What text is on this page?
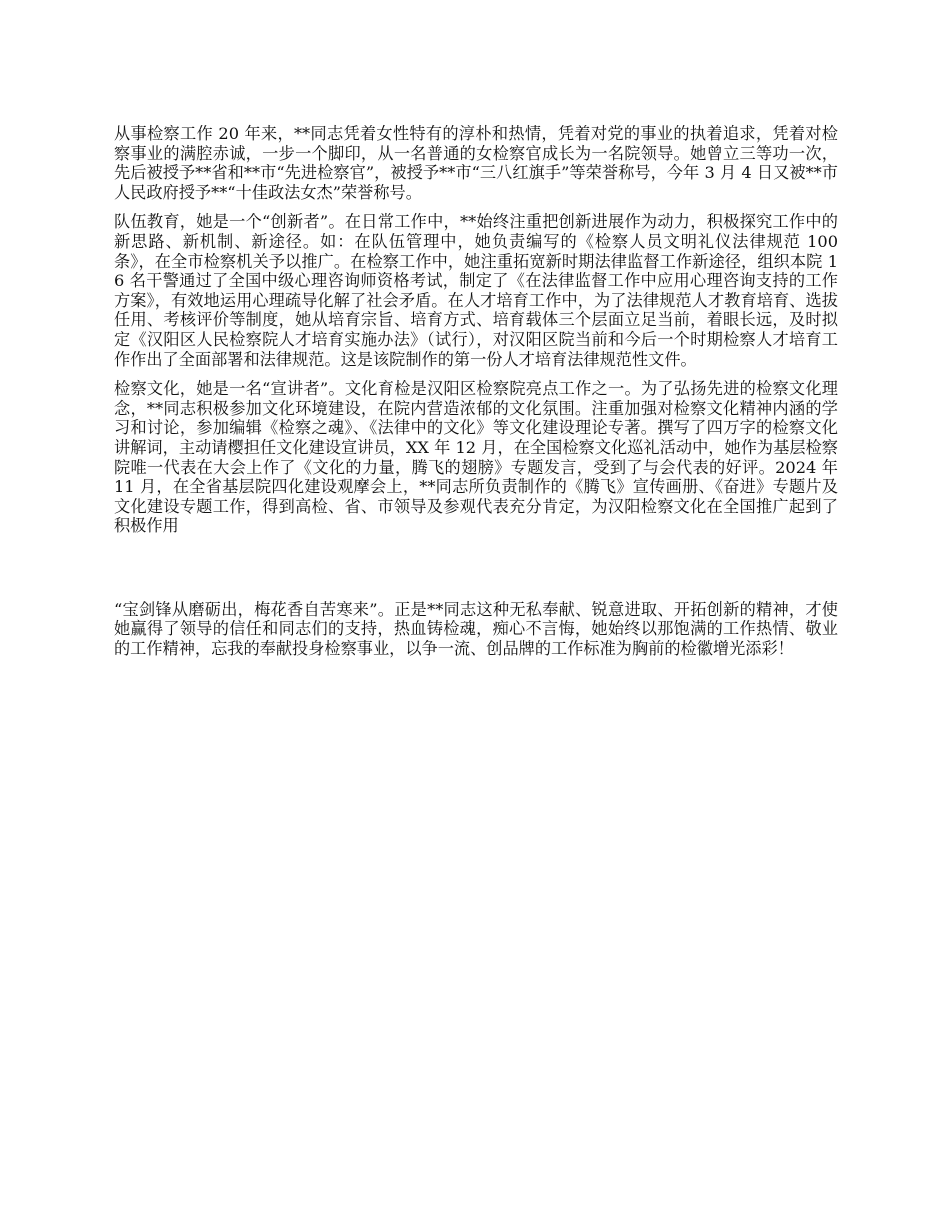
从事检察工作 20 年来，**同志凭着女性特有的淳朴和热情，凭着对党的事业的执着追求，凭着对检察事业的满腔赤诚，一步一个脚印，从一名普通的女检察官成长为一名院领导。她曾立三等功一次，先后被授予**省和**市“先进检察官”，被授予**市“三八红旗手”等荣誉称号，今年 3 月 4 日又被**市人民政府授予**“十佳政法女杰”荣誉称号。

队伍教育，她是一个“创新者”。在日常工作中，**始终注重把创新进展作为动力，积极探究工作中的新思路、新机制、新途径。如：在队伍管理中，她负责编写的《检察人员文明礼仪法律规范 100 条》，在全市检察机关予以推广。在检察工作中，她注重拓宽新时期法律监督工作新途径，组织本院 16 名干警通过了全国中级心理咨询师资格考试，制定了《在法律监督工作中应用心理咨询支持的工作方案》，有效地运用心理疏导化解了社会矛盾。在人才培育工作中，为了法律规范人才教育培育、选拔任用、考核评价等制度，她从培育宗旨、培育方式、培育载体三个层面立足当前，着眼长远，及时拟定《汉阳区人民检察院人才培育实施办法》（试行），对汉阳区院当前和今后一个时期检察人才培育工作作出了全面部署和法律规范。这是该院制作的第一份人才培育法律规范性文件。

检察文化，她是一名“宣讲者”。文化育检是汉阳区检察院亮点工作之一。为了弘扬先进的检察文化理念，**同志积极参加文化环境建设，在院内营造浓郁的文化氛围。注重加强对检察文化精神内涵的学习和讨论，参加编辑《检察之魂》、《法律中的文化》等文化建设理论专著。撰写了四万字的检察文化讲解词，主动请樱担任文化建设宣讲员，XX 年 12 月，在全国检察文化巡礼活动中，她作为基层检察院唯一代表在大会上作了《文化的力量，腾飞的翅膀》专题发言，受到了与会代表的好评。2024 年 11 月，在全省基层院四化建设观摩会上，**同志所负责制作的《腾飞》宣传画册、《奋进》专题片及文化建设专题工作，得到高检、省、市领导及参观代表充分肯定，为汉阳检察文化在全国推广起到了积极作用

“宝剑锋从磨砺出，梅花香自苦寒来”。正是**同志这种无私奉献、锐意进取、开拓创新的精神，才使她赢得了领导的信任和同志们的支持，热血铸检魂，痴心不言悔，她始终以那饱满的工作热情、敬业的工作精神，忘我的奉献投身检察事业，以争一流、创品牌的工作标准为胸前的检徽增光添彩！
